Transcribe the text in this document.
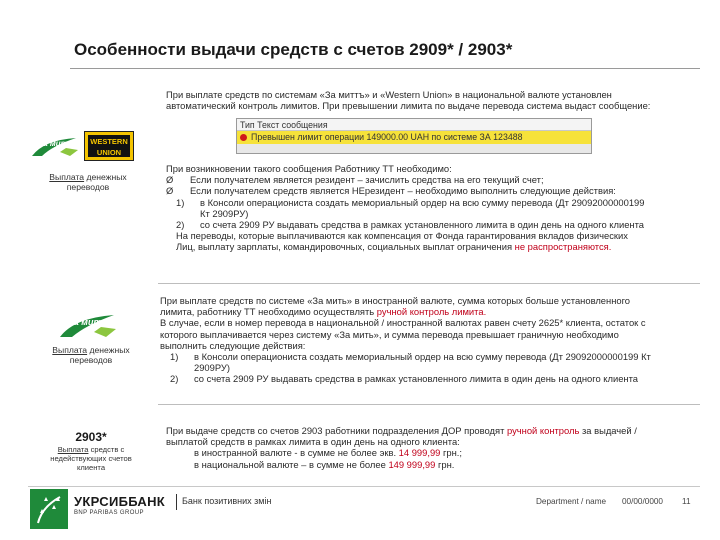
Особенности выдачи средств с счетов 2909* / 2903*
За мить	WESTERN
UNION
Выплата денежных переводов

При выплате средств по системам «За миттъ» и «Western Union» в национальной валюте установлен

автоматический контроль лимитов. При превышении лимита по выдаче перевода система выдаст сообщение:

Тип Текст сообщения
Превышен лимит операции 149000.00 UAH по системе ЗА 123488

При возникновении такого сообщения Работнику ТТ необходимо:

Ø Если получателем является резидент – зачислить средства на его текущий счет;

Ø Если получателем средств является НЕрезидент – необходимо выполнить следующие действия:

1) в Консоли операциониста создать мемориальный ордер на всю сумму перевода (Дт 29092000000199

Кт 2909РУ)

2) со счета 2909 РУ выдавать средства в рамках установленного лимита в один день на одного клиента

На переводы, которые выплачиваются как компенсация от Фонда гарантирования вкладов физических

Лиц, выплату зарплаты, командировочных, социальных выплат ограничения не распространяются.

За мить
Выплата денежных переводов

При выплате средств по системе «За мить» в иностранной валюте, сумма которых больше установленного

лимита, работнику ТТ необходимо осуществлять ручной контроль лимита.

В случае, если в номер перевода в национальной / иностранной валютах равен счету 2625* клиента, остаток с

которого выплачивается через систему «За мить», и сумма перевода превышает граничную необходимо

выполнить следующие действия:

1) в Консоли операциониста создать мемориальный ордер на всю сумму перевода (Дт 29092000000199 Кт

2909РУ)

2) со счета 2909 РУ выдавать средства в рамках установленного лимита в один день на одного клиента

2903*
Выплата средств с недействующих счетов клиента

При выдаче средств со счетов 2903 работники подразделения ДОР проводят ручной контроль за выдачей /

выплатой средств в рамках лимита в один день на одного клиента:

в иностранной валюте - в сумме не более экв. 14 999,99 грн.;

в национальной валюте – в сумме не более 149 999,99 грн.

УКРСИББАНК
BNP PARIBAS GROUP
Банк позитивних змін	Department / name 00/00/0000 11
